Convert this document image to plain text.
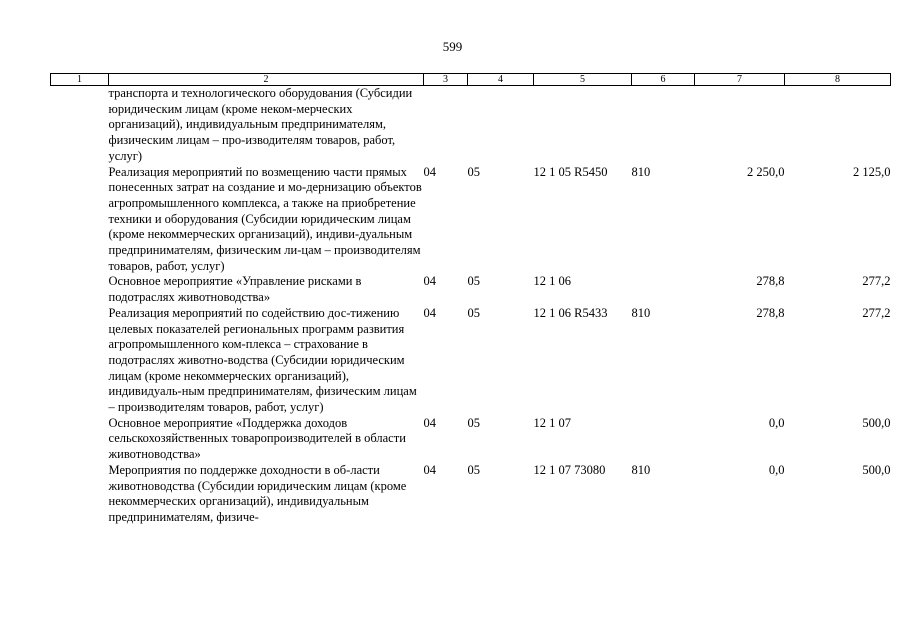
599
1	2	3	4	5	6	7	8
	транспорта и технологического оборудования (Субсидии юридическим лицам (кроме неком-мерческих организаций), индивидуальным предпринимателям, физическим лицам – про-изводителям товаров, работ, услуг)						
	Реализация мероприятий по возмещению части прямых понесенных затрат на создание и мо-дернизацию объектов агропромышленного комплекса, а также на приобретение техники и оборудования (Субсидии юридическим лицам (кроме некоммерческих организаций), индиви-дуальным предпринимателям, физическим ли-цам – производителям товаров, работ, услуг)	04	05	12 1 05 R5450	810	2 250,0	2 125,0
	Основное мероприятие «Управление рисками в подотраслях животноводства»	04	05	12 1 06		278,8	277,2
	Реализация мероприятий по содействию дос-тижению целевых показателей региональных программ развития агропромышленного ком-плекса – страхование в подотраслях животно-водства (Субсидии юридическим лицам (кроме некоммерческих организаций), индивидуаль-ным предпринимателям, физическим лицам – производителям товаров, работ, услуг)	04	05	12 1 06 R5433	810	278,8	277,2
	Основное мероприятие «Поддержка доходов сельскохозяйственных товаропроизводителей в области животноводства»	04	05	12 1 07		0,0	500,0
	Мероприятия по поддержке доходности в об-ласти животноводства (Субсидии юридическим лицам (кроме некоммерческих организаций), индивидуальным предпринимателям, физиче-	04	05	12 1 07 73080	810	0,0	500,0
